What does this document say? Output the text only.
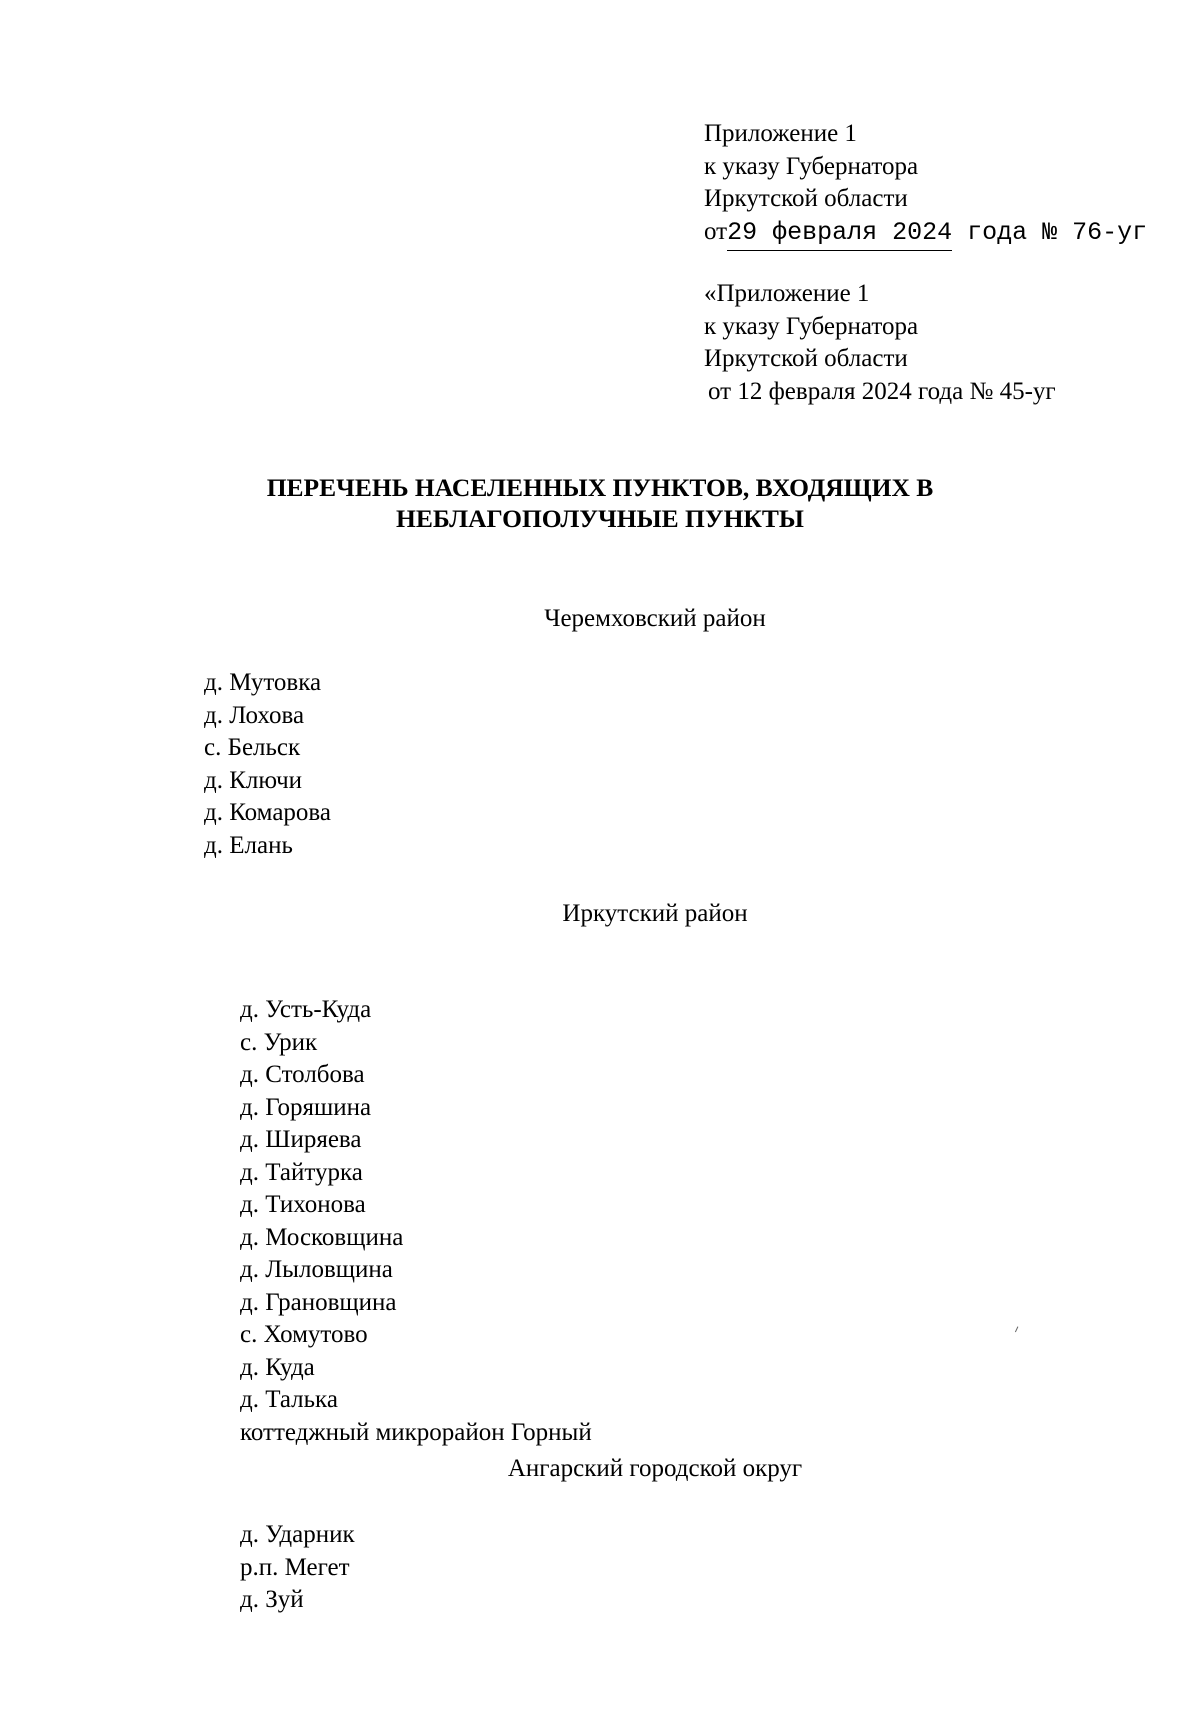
Приложение 1
к указу Губернатора
Иркутской области
от29 февраля 2024 года № 76-уг
«Приложение 1
к указу Губернатора
Иркутской области
от 12 февраля 2024 года № 45-уг
ПЕРЕЧЕНЬ НАСЕЛЕННЫХ ПУНКТОВ, ВХОДЯЩИХ В
НЕБЛАГОПОЛУЧНЫЕ ПУНКТЫ
Черемховский район
д. Мутовка
д. Лохова
с. Бельск
д. Ключи
д. Комарова
д. Елань
Иркутский район
д. Усть-Куда
с. Урик
д. Столбова
д. Горяшина
д. Ширяева
д. Тайтурка
д. Тихонова
д. Московщина
д. Лыловщина
д. Грановщина
с. Хомутово
д. Куда
д. Талька
коттеджный микрорайон Горный
Ангарский городской округ
д. Ударник
р.п. Мегет
д. Зуй
